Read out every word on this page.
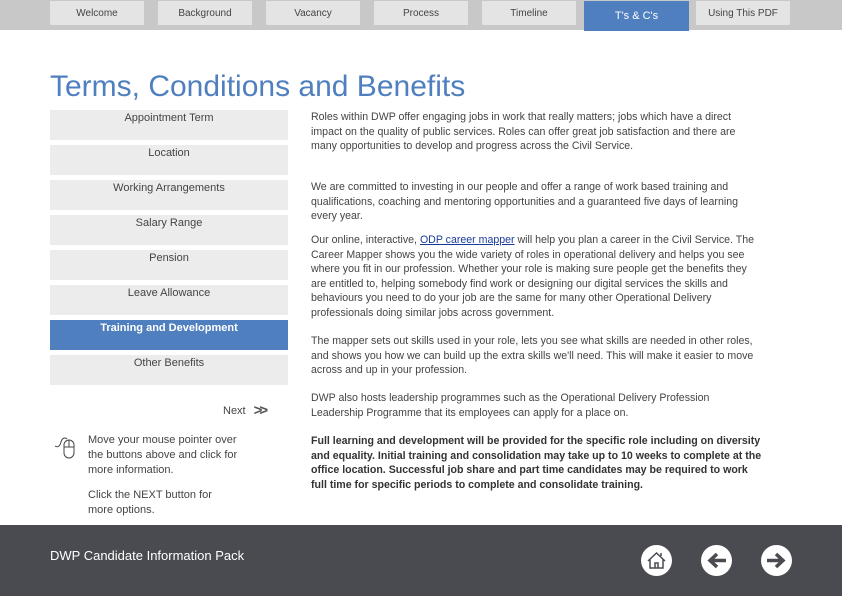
Welcome	Background	Vacancy	Process	Timeline	T's & C's	Using This PDF
Terms, Conditions and Benefits
Appointment Term
Location
Working Arrangements
Salary Range
Pension
Leave Allowance
Training and Development
Other Benefits
Next >>
Move your mouse pointer over the buttons above and click for more information.
Click the NEXT button for more options.
Roles within DWP offer engaging jobs in work that really matters; jobs which have a direct impact on the quality of public services. Roles can offer great job satisfaction and there are many opportunities to develop and progress across the Civil Service.
We are committed to investing in our people and offer a range of work based training and qualifications, coaching and mentoring opportunities and a guaranteed five days of learning every year.
Our online, interactive, ODP career mapper will help you plan a career in the Civil Service. The Career Mapper shows you the wide variety of roles in operational delivery and helps you see where you fit in our profession. Whether your role is making sure people get the benefits they are entitled to, helping somebody find work or designing our digital services the skills and behaviours you need to do your job are the same for many other Operational Delivery professionals doing similar jobs across government.
The mapper sets out skills used in your role, lets you see what skills are needed in other roles, and shows you how we can build up the extra skills we'll need. This will make it easier to move across and up in your profession.
DWP also hosts leadership programmes such as the Operational Delivery Profession Leadership Programme that its employees can apply for a place on.
Full learning and development will be provided for the specific role including on diversity and equality. Initial training and consolidation may take up to 10 weeks to complete at the office location. Successful job share and part time candidates may be required to work full time for specific periods to complete and consolidate training.
DWP Candidate Information Pack
